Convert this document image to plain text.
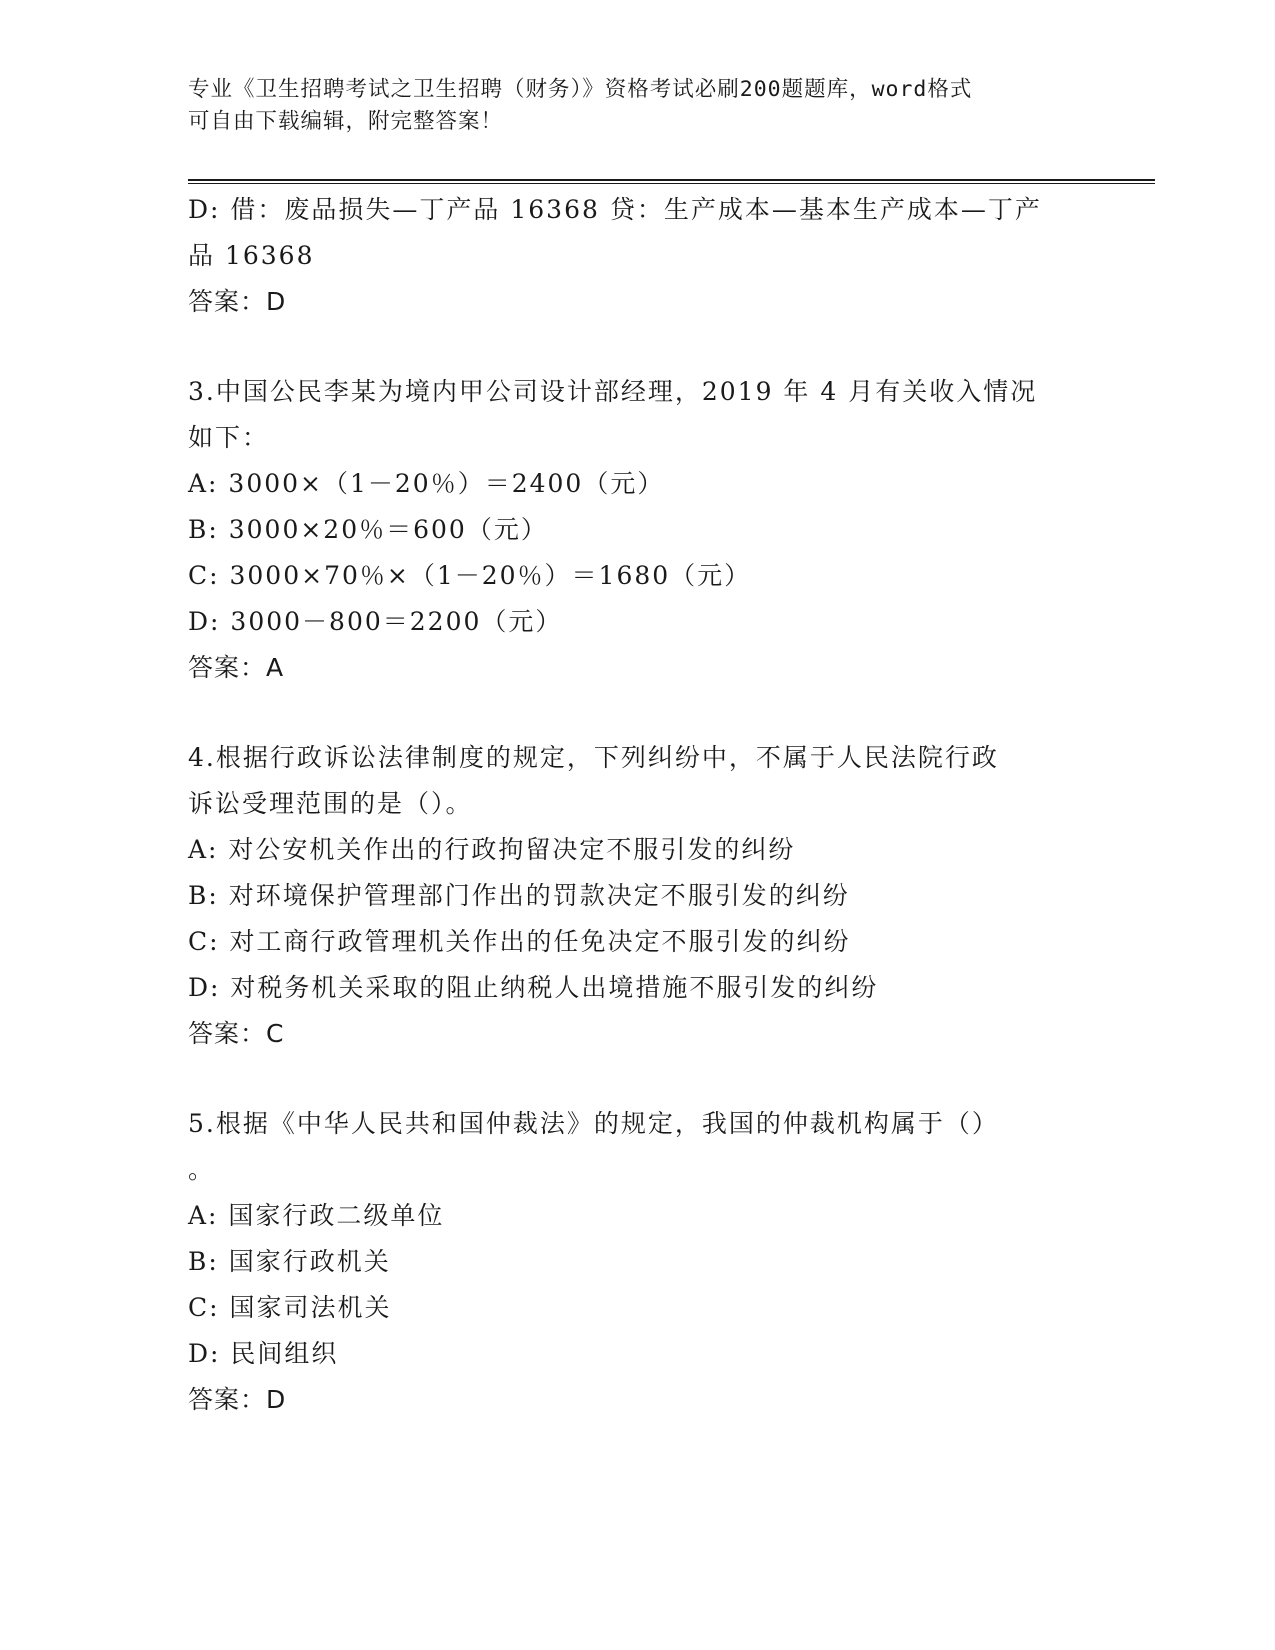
专业《卫生招聘考试之卫生招聘（财务）》资格考试必刷200题题库，word格式
可自由下载编辑，附完整答案！
D: 借：废品损失—丁产品 16368 贷：生产成本—基本生产成本—丁产
品 16368
答案：D
3.中国公民李某为境内甲公司设计部经理，2019 年 4 月有关收入情况
如下：
A: 3000×（1－20％）＝2400（元）
B: 3000×20％＝600（元）
C: 3000×70％×（1－20％）＝1680（元）
D: 3000－800＝2200（元）
答案：A
4.根据行政诉讼法律制度的规定，下列纠纷中，不属于人民法院行政
诉讼受理范围的是（）。
A: 对公安机关作出的行政拘留决定不服引发的纠纷
B: 对环境保护管理部门作出的罚款决定不服引发的纠纷
C: 对工商行政管理机关作出的任免决定不服引发的纠纷
D: 对税务机关采取的阻止纳税人出境措施不服引发的纠纷
答案：C
5.根据《中华人民共和国仲裁法》的规定，我国的仲裁机构属于（）
。
A: 国家行政二级单位
B: 国家行政机关
C: 国家司法机关
D: 民间组织
答案：D
